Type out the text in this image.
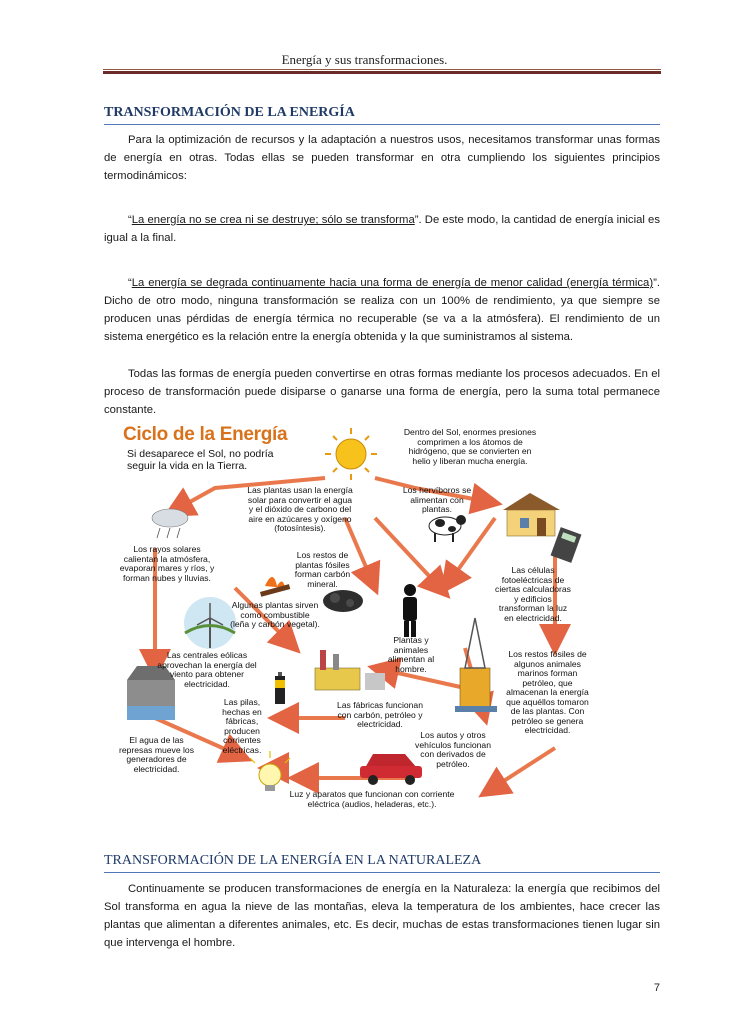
Energía y sus transformaciones.
TRANSFORMACIÓN DE LA ENERGÍA

Para la optimización de recursos y la adaptación a nuestros usos, necesitamos transformar unas formas de energía en otras. Todas ellas se pueden transformar en otra cumpliendo los siguientes principios termodinámicos:

“La energía no se crea ni se destruye; sólo se transforma”. De este modo, la cantidad de energía inicial es igual a la final.

“La energía se degrada continuamente hacia una forma de energía de menor calidad (energía térmica)”. Dicho de otro modo, ninguna transformación se realiza con un 100% de rendimiento, ya que siempre se producen unas pérdidas de energía térmica no recuperable (se va a la atmósfera). El rendimiento de un sistema energético es la relación entre la energía obtenida y la que suministramos al sistema.

Todas las formas de energía pueden convertirse en otras formas mediante los procesos adecuados. En el proceso de transformación puede disiparse o ganarse una forma de energía, pero la suma total permanece constante.

Ciclo de la Energía
Si desaparece el Sol, no podría seguir la vida en la Tierra.
Dentro del Sol, enormes presiones comprimen a los átomos de hidrógeno, que se convierten en helio y liberan mucha energía.
Las plantas usan la energía solar para convertir el agua y el dióxido de carbono del aire en azúcares y oxígeno (fotosíntesis).
Los hervíboros se alimentan con plantas.
Los rayos solares calientan la atmósfera, evaporan mares y ríos, y forman nubes y lluvias.
Los restos de plantas fósiles forman carbón mineral.
Las células fotoeléctricas de ciertas calculadoras y edificios transforman la luz en electricidad.
Algunas plantas sirven como combustible (leña y carbón vegetal).
Plantas y animales alimentan al hombre.
Las centrales eólicas aprovechan la energía del viento para obtener electricidad.
Las pilas, hechas en fábricas, producen corrientes eléctricas.
Las fábricas funcionan con carbón, petróleo y electricidad.
Los restos fósiles de algunos animales marinos forman petróleo, que almacenan la energía que aquéllos tomaron de las plantas. Con petróleo se genera electricidad.
El agua de las represas mueve los generadores de electricidad.
Los autos y otros vehículos funcionan con derivados de petróleo.
Luz y aparatos que funcionan con corriente eléctrica (audios, heladeras, etc.).
TRANSFORMACIÓN DE LA ENERGÍA EN LA NATURALEZA

Continuamente se producen transformaciones de energía en la Naturaleza: la energía que recibimos del Sol transforma en agua la nieve de las montañas, eleva la temperatura de los ambientes, hace crecer las plantas que alimentan a diferentes animales, etc. Es decir, muchas de estas transformaciones tienen lugar sin que intervenga el hombre.

7
